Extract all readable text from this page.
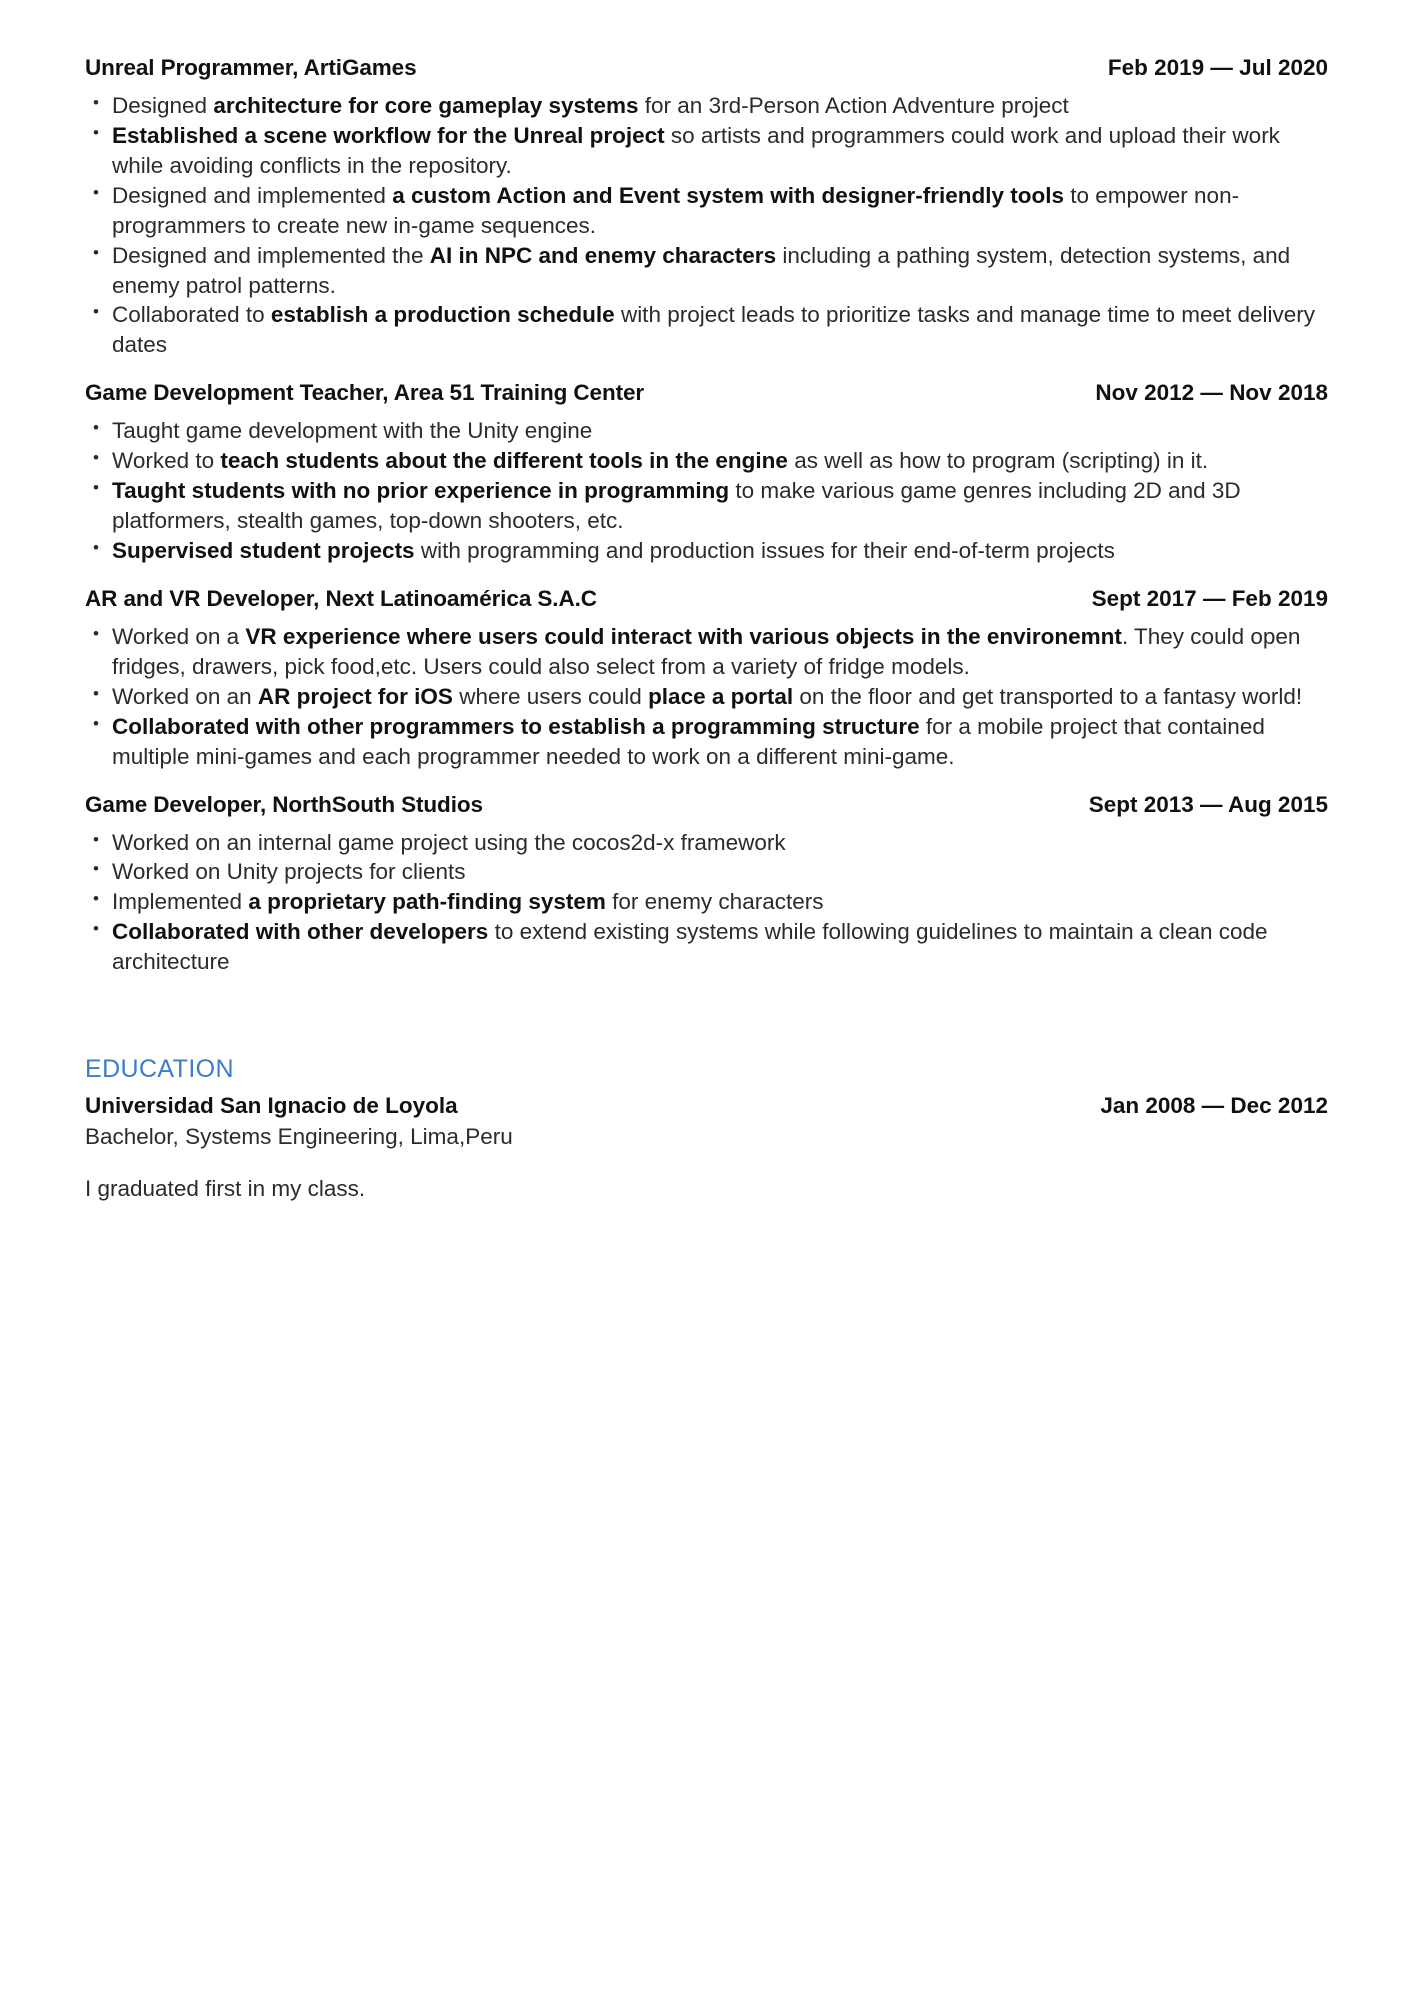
Unreal Programmer, ArtiGames	Feb 2019 — Jul 2020
• Designed architecture for core gameplay systems for an 3rd-Person Action Adventure project
• Established a scene workflow for the Unreal project so artists and programmers could work and upload their work while avoiding conflicts in the repository.
• Designed and implemented a custom Action and Event system with designer-friendly tools to empower non-programmers to create new in-game sequences.
• Designed and implemented the AI in NPC and enemy characters including a pathing system, detection systems, and enemy patrol patterns.
• Collaborated to establish a production schedule with project leads to prioritize tasks and manage time to meet delivery dates
Game Development Teacher, Area 51 Training Center	Nov 2012 — Nov 2018
• Taught game development with the Unity engine
• Worked to teach students about the different tools in the engine as well as how to program (scripting) in it.
• Taught students with no prior experience in programming to make various game genres including 2D and 3D platformers, stealth games, top-down shooters, etc.
• Supervised student projects with programming and production issues for their end-of-term projects
AR and VR Developer, Next Latinoamérica S.A.C	Sept 2017 — Feb 2019
• Worked on a VR experience where users could interact with various objects in the environemnt. They could open fridges, drawers, pick food,etc. Users could also select from a variety of fridge models.
• Worked on an AR project for iOS where users could place a portal on the floor and get transported to a fantasy world!
• Collaborated with other programmers to establish a programming structure for a mobile project that contained multiple mini-games and each programmer needed to work on a different mini-game.
Game Developer, NorthSouth Studios	Sept 2013 — Aug 2015
• Worked on an internal game project using the cocos2d-x framework
• Worked on Unity projects for clients
• Implemented a proprietary path-finding system for enemy characters
• Collaborated with other developers to extend existing systems while following guidelines to maintain a clean code architecture
EDUCATION
Universidad San Ignacio de Loyola	Jan 2008 — Dec 2012
Bachelor, Systems Engineering, Lima,Peru
I graduated first in my class.
